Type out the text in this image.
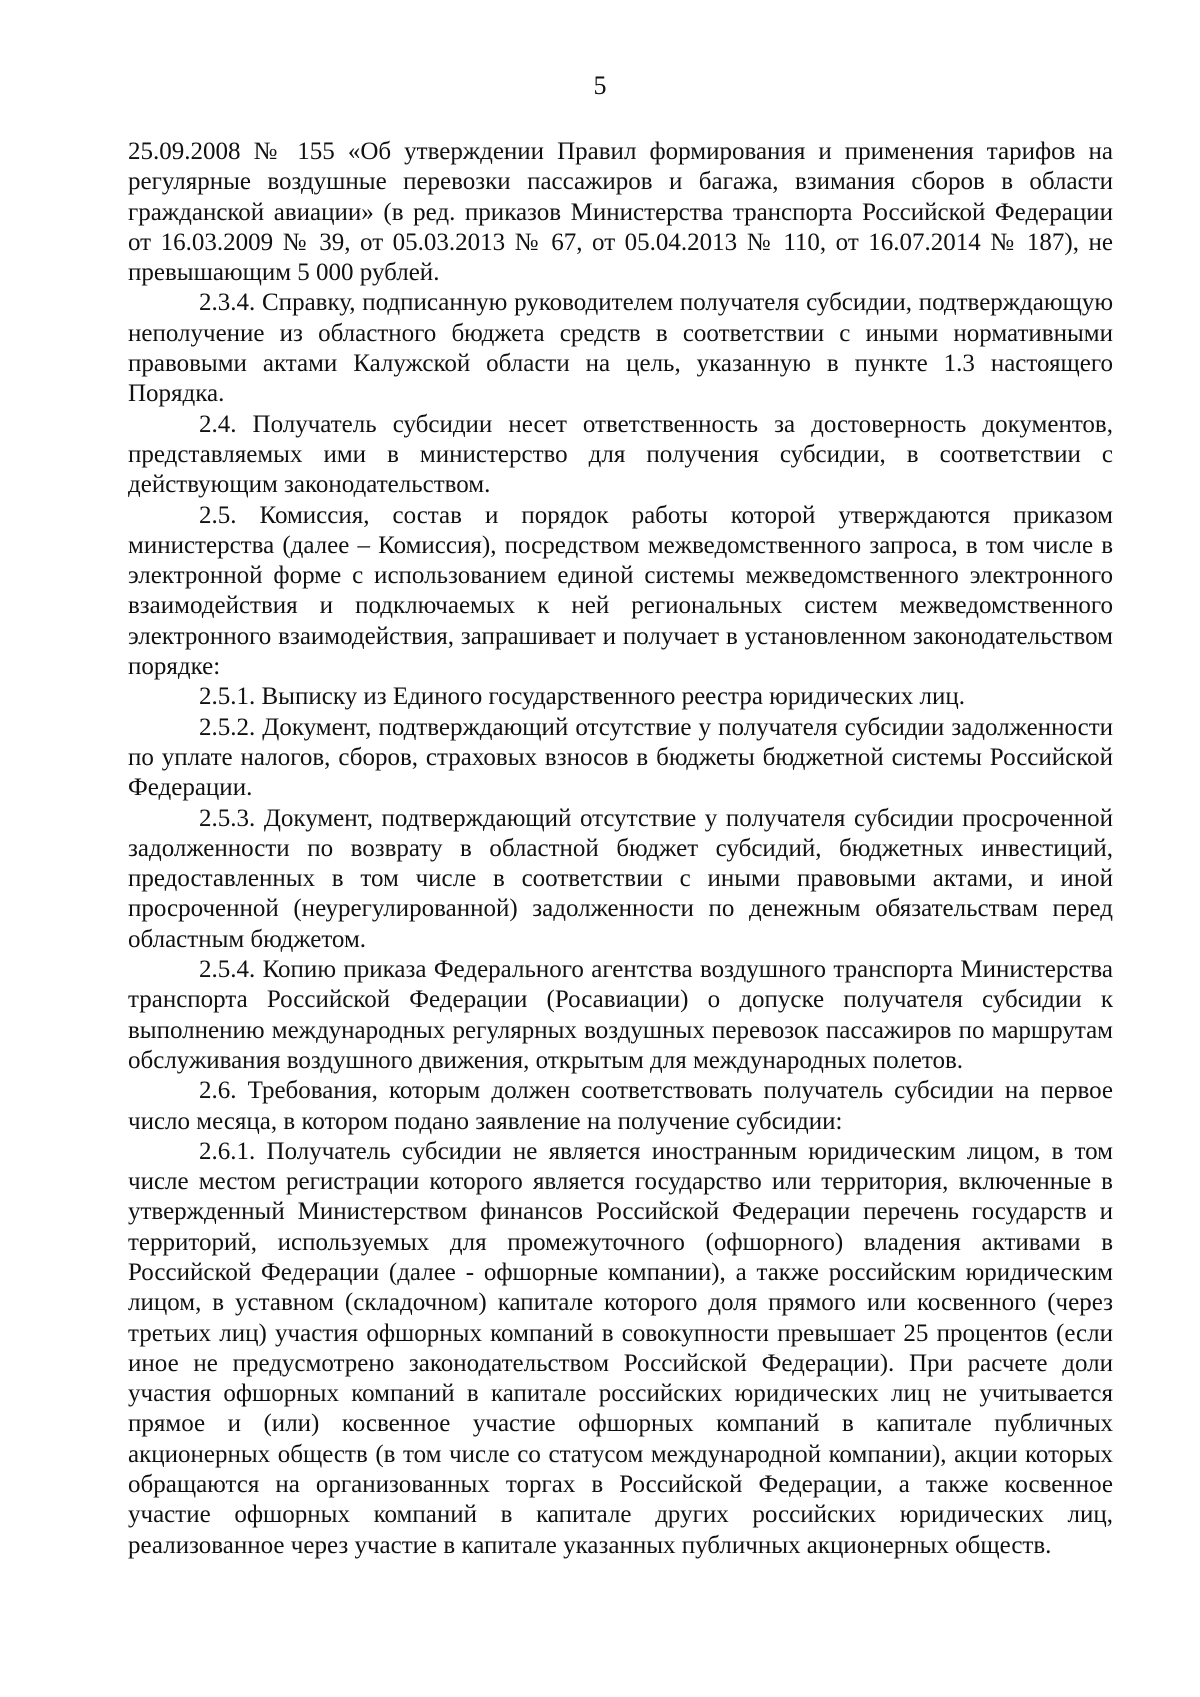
5

25.09.2008 № 155 «Об утверждении Правил формирования и применения тарифов на регулярные воздушные перевозки пассажиров и багажа, взимания сборов в области гражданской авиации» (в ред. приказов Министерства транспорта Российской Федерации от 16.03.2009 № 39, от 05.03.2013 № 67, от 05.04.2013 № 110, от 16.07.2014 № 187), не превышающим 5 000 рублей.

2.3.4. Справку, подписанную руководителем получателя субсидии, подтверждающую неполучение из областного бюджета средств в соответствии с иными нормативными правовыми актами Калужской области на цель, указанную в пункте 1.3 настоящего Порядка.

2.4. Получатель субсидии несет ответственность за достоверность документов, представляемых ими в министерство для получения субсидии, в соответствии с действующим законодательством.

2.5. Комиссия, состав и порядок работы которой утверждаются приказом министерства (далее – Комиссия), посредством межведомственного запроса, в том числе в электронной форме с использованием единой системы межведомственного электронного взаимодействия и подключаемых к ней региональных систем межведомственного электронного взаимодействия, запрашивает и получает в установленном законодательством порядке:

2.5.1. Выписку из Единого государственного реестра юридических лиц.

2.5.2. Документ, подтверждающий отсутствие у получателя субсидии задолженности по уплате налогов, сборов, страховых взносов в бюджеты бюджетной системы Российской Федерации.

2.5.3. Документ, подтверждающий отсутствие у получателя субсидии просроченной задолженности по возврату в областной бюджет субсидий, бюджетных инвестиций, предоставленных в том числе в соответствии с иными правовыми актами, и иной просроченной (неурегулированной) задолженности по денежным обязательствам перед областным бюджетом.

2.5.4. Копию приказа Федерального агентства воздушного транспорта Министерства транспорта Российской Федерации (Росавиации) о допуске получателя субсидии к выполнению международных регулярных воздушных перевозок пассажиров по маршрутам обслуживания воздушного движения, открытым для международных полетов.

2.6. Требования, которым должен соответствовать получатель субсидии на первое число месяца, в котором подано заявление на получение субсидии:

2.6.1. Получатель субсидии не является иностранным юридическим лицом, в том числе местом регистрации которого является государство или территория, включенные в утвержденный Министерством финансов Российской Федерации перечень государств и территорий, используемых для промежуточного (офшорного) владения активами в Российской Федерации (далее - офшорные компании), а также российским юридическим лицом, в уставном (складочном) капитале которого доля прямого или косвенного (через третьих лиц) участия офшорных компаний в совокупности превышает 25 процентов (если иное не предусмотрено законодательством Российской Федерации). При расчете доли участия офшорных компаний в капитале российских юридических лиц не учитывается прямое и (или) косвенное участие офшорных компаний в капитале публичных акционерных обществ (в том числе со статусом международной компании), акции которых обращаются на организованных торгах в Российской Федерации, а также косвенное участие офшорных компаний в капитале других российских юридических лиц, реализованное через участие в капитале указанных публичных акционерных обществ.
